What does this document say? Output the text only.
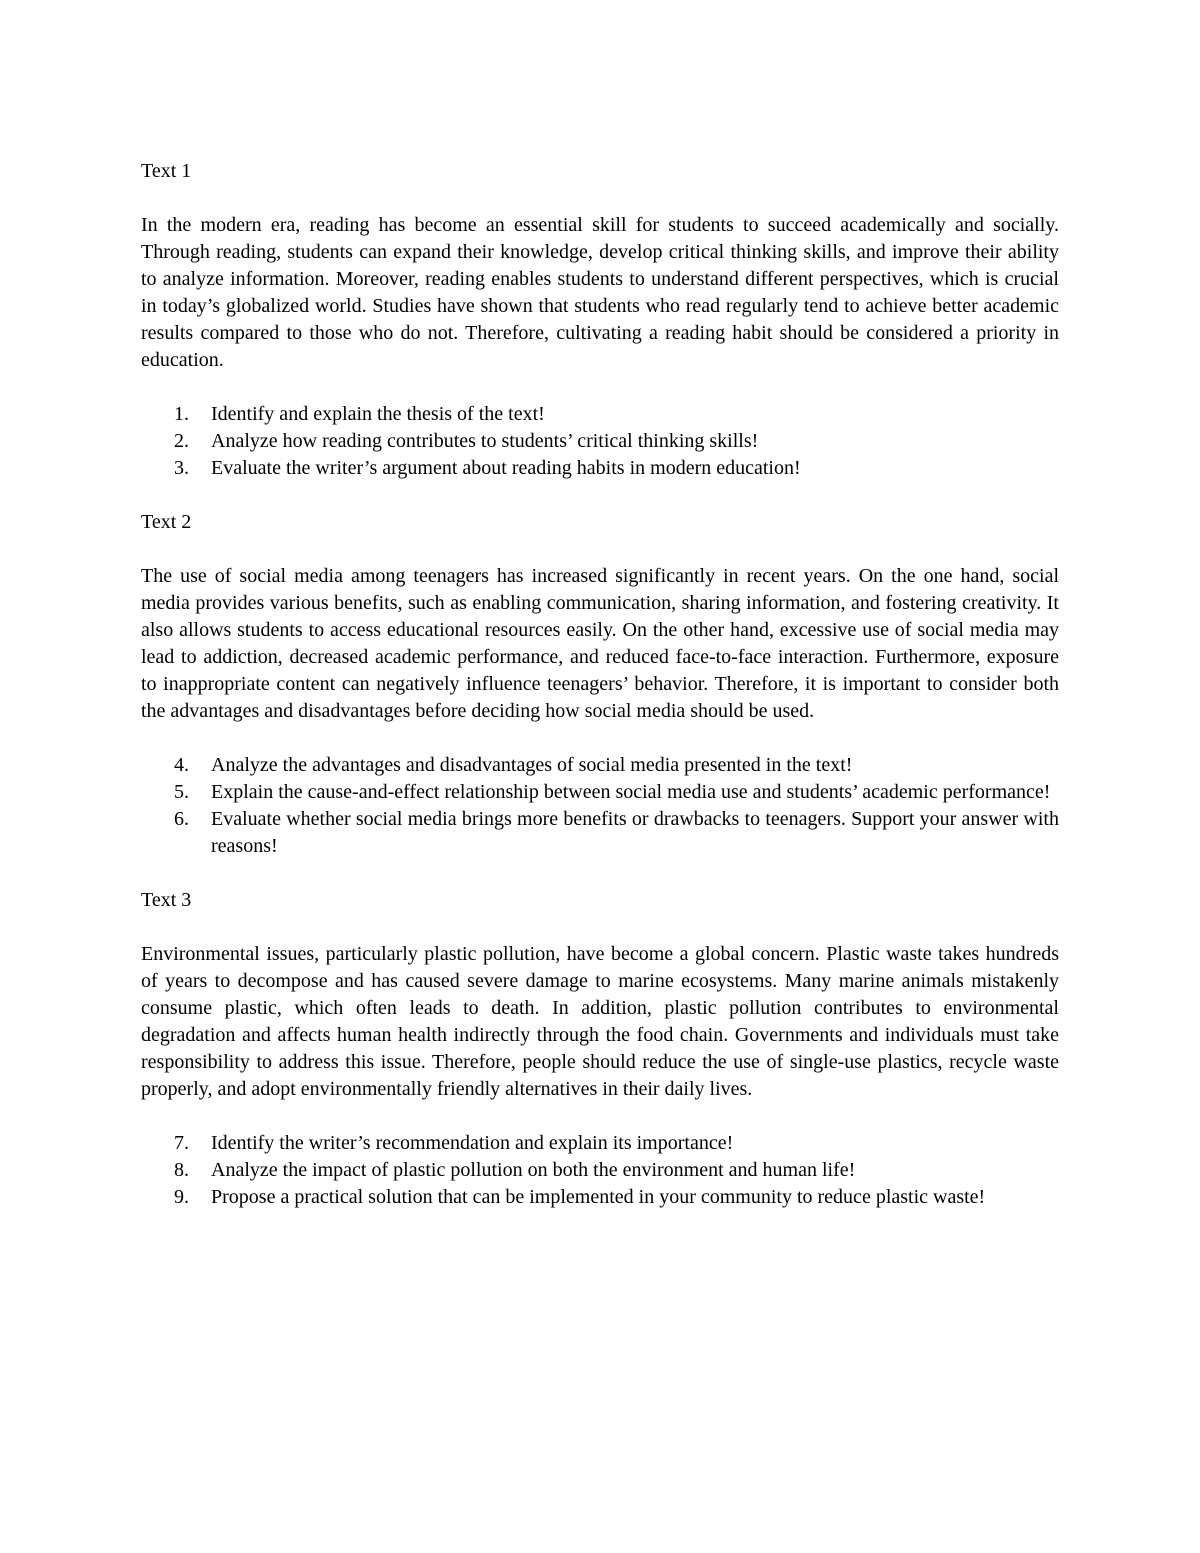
Text 1

In the modern era, reading has become an essential skill for students to succeed academically and socially. Through reading, students can expand their knowledge, develop critical thinking skills, and improve their ability to analyze information. Moreover, reading enables students to understand different perspectives, which is crucial in today’s globalized world. Studies have shown that students who read regularly tend to achieve better academic results compared to those who do not. Therefore, cultivating a reading habit should be considered a priority in education.

1. Identify and explain the thesis of the text!
2. Analyze how reading contributes to students’ critical thinking skills!
3. Evaluate the writer’s argument about reading habits in modern education!
Text 2

The use of social media among teenagers has increased significantly in recent years. On the one hand, social media provides various benefits, such as enabling communication, sharing information, and fostering creativity. It also allows students to access educational resources easily. On the other hand, excessive use of social media may lead to addiction, decreased academic performance, and reduced face-to-face interaction. Furthermore, exposure to inappropriate content can negatively influence teenagers’ behavior. Therefore, it is important to consider both the advantages and disadvantages before deciding how social media should be used.

4. Analyze the advantages and disadvantages of social media presented in the text!
5. Explain the cause-and-effect relationship between social media use and students’ academic performance!
6. Evaluate whether social media brings more benefits or drawbacks to teenagers. Support your answer with reasons!
Text 3

Environmental issues, particularly plastic pollution, have become a global concern. Plastic waste takes hundreds of years to decompose and has caused severe damage to marine ecosystems. Many marine animals mistakenly consume plastic, which often leads to death. In addition, plastic pollution contributes to environmental degradation and affects human health indirectly through the food chain. Governments and individuals must take responsibility to address this issue. Therefore, people should reduce the use of single-use plastics, recycle waste properly, and adopt environmentally friendly alternatives in their daily lives.

7. Identify the writer’s recommendation and explain its importance!
8. Analyze the impact of plastic pollution on both the environment and human life!
9. Propose a practical solution that can be implemented in your community to reduce plastic waste!
